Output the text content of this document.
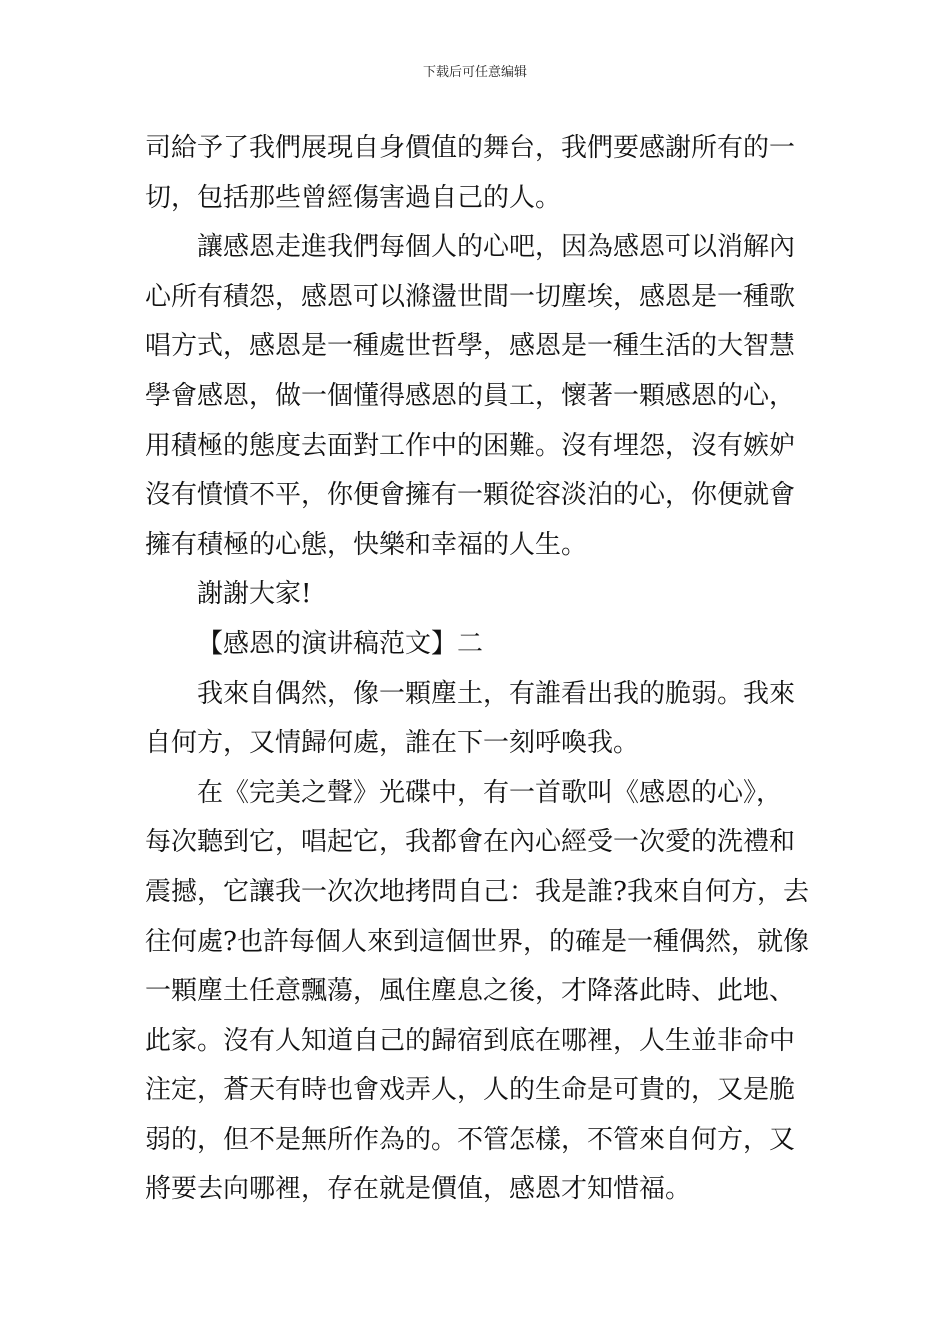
下载后可任意编辑
司給予了我們展現自身價值的舞台，我們要感謝所有的一
切，包括那些曾經傷害過自己的人。
讓感恩走進我們每個人的心吧，因為感恩可以消解內
心所有積怨，感恩可以滌盪世間一切塵埃，感恩是一種歌
唱方式，感恩是一種處世哲學，感恩是一種生活的大智慧
學會感恩，做一個懂得感恩的員工，懷著一顆感恩的心，
用積極的態度去面對工作中的困難。沒有埋怨，沒有嫉妒
沒有憤憤不平，你便會擁有一顆從容淡泊的心，你便就會
擁有積極的心態，快樂和幸福的人生。
謝謝大家!
【感恩的演讲稿范文】二
我來自偶然，像一顆塵土，有誰看出我的脆弱。我來
自何方，又情歸何處，誰在下一刻呼喚我。
在《完美之聲》光碟中，有一首歌叫《感恩的心》，
每次聽到它，唱起它，我都會在內心經受一次愛的洗禮和
震撼，它讓我一次次地拷問自己：我是誰?我來自何方，去
往何處?也許每個人來到這個世界，的確是一種偶然，就像
一顆塵土任意飄蕩，風住塵息之後，才降落此時、此地、
此家。沒有人知道自己的歸宿到底在哪裡，人生並非命中
注定，蒼天有時也會戏弄人，人的生命是可貴的，又是脆
弱的，但不是無所作為的。不管怎樣，不管來自何方，又
將要去向哪裡，存在就是價值，感恩才知惜福。
